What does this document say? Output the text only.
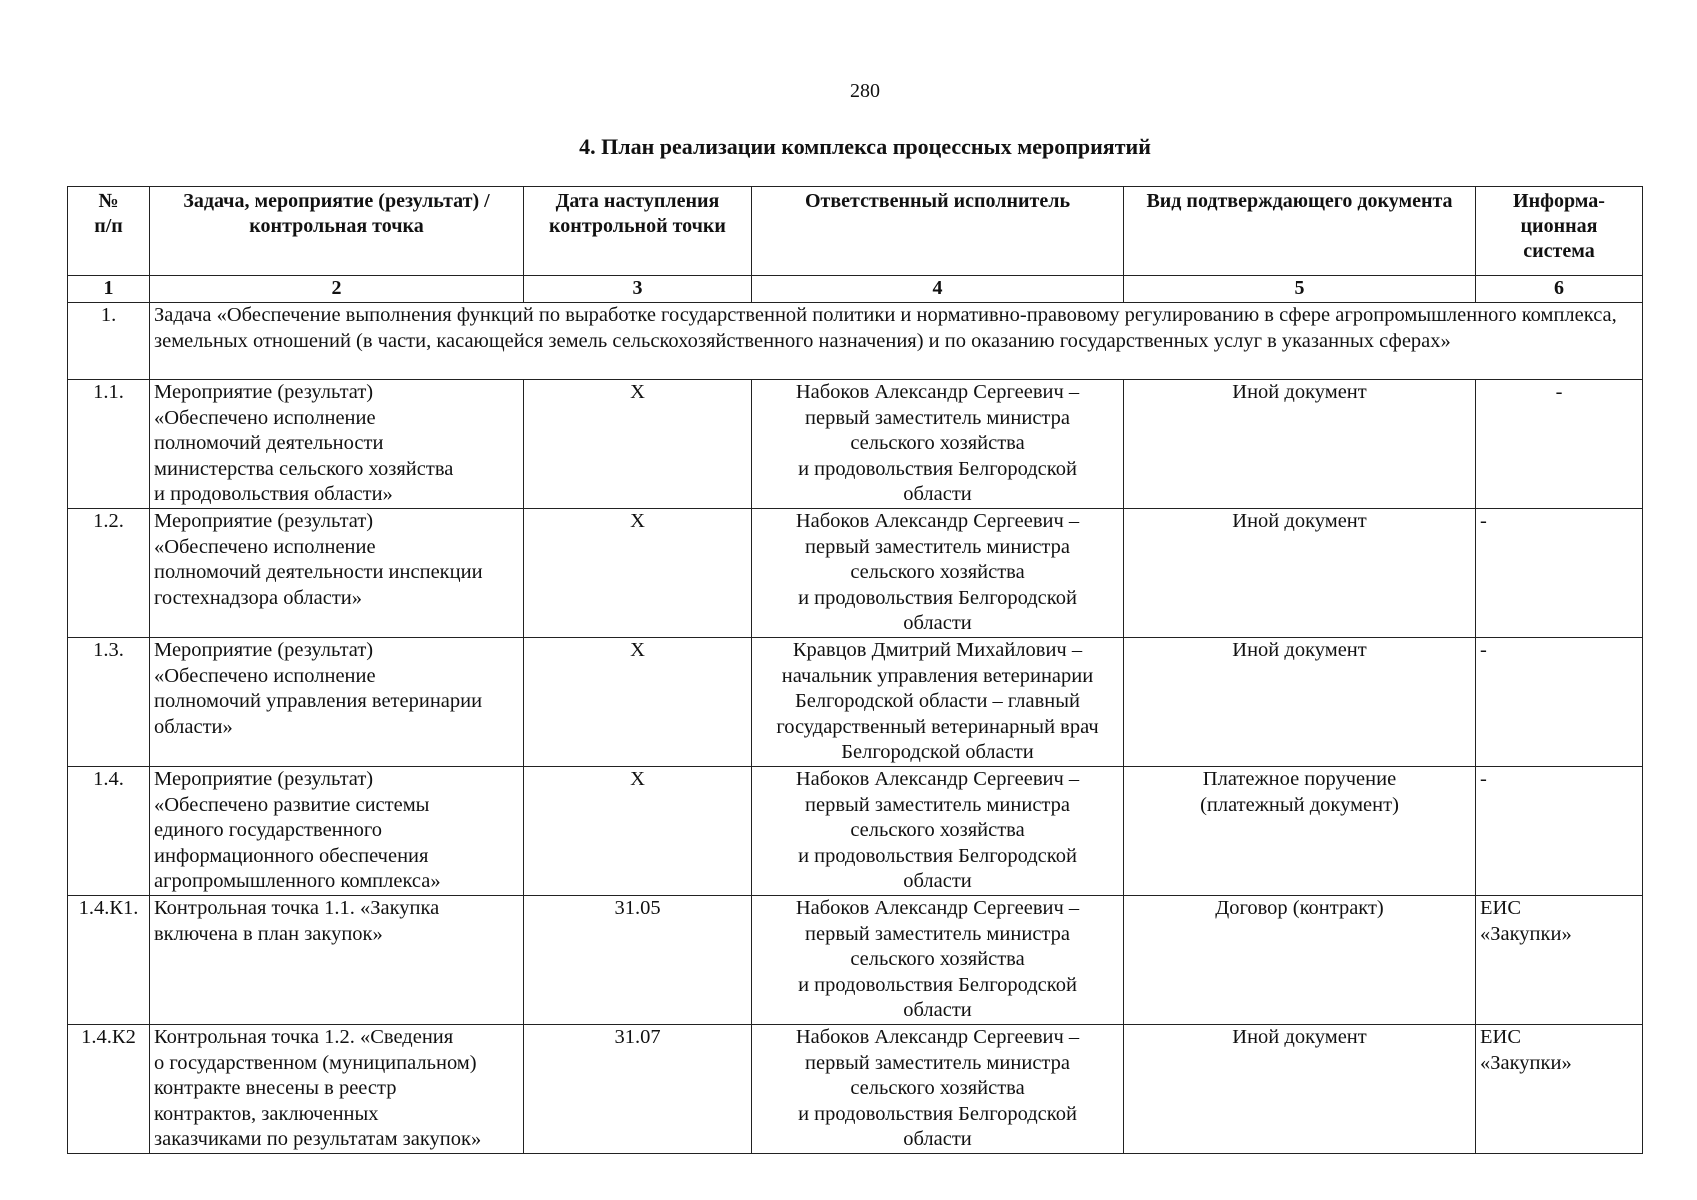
280
4. План реализации комплекса процессных мероприятий
№
п/п	Задача, мероприятие (результат) /
контрольная точка	Дата наступления
контрольной точки	Ответственный исполнитель	Вид подтверждающего документа	Информа-
ционная
система

1	2	3	4	5	6
1.	Задача «Обеспечение выполнения функций по выработке государственной политики и нормативно-правовому регулированию в сфере агропромышленного комплекса, земельных отношений (в части, касающейся земель сельскохозяйственного назначения) и по оказанию государственных услуг в указанных сферах»				
1.1.	Мероприятие (результат)
«Обеспечено исполнение
полномочий деятельности
министерства сельского хозяйства
и продовольствия области»	X	Набоков Александр Сергеевич –
первый заместитель министра
сельского хозяйства
и продовольствия Белгородской
области	Иной документ	-

1.2.	Мероприятие (результат)
«Обеспечено исполнение
полномочий деятельности инспекции
гостехнадзора области»	X	Набоков Александр Сергеевич –
первый заместитель министра
сельского хозяйства
и продовольствия Белгородской
области	Иной документ	-

1.3.	Мероприятие (результат)
«Обеспечено исполнение
полномочий управления ветеринарии
области»	X	Кравцов Дмитрий Михайлович –
начальник управления ветеринарии
Белгородской области – главный
государственный ветеринарный врач
Белгородской области	Иной документ	-

1.4.	Мероприятие (результат)
«Обеспечено развитие системы
единого государственного
информационного обеспечения
агропромышленного комплекса»	X	Набоков Александр Сергеевич –
первый заместитель министра
сельского хозяйства
и продовольствия Белгородской
области	Платежное поручение
(платежный документ)	-

1.4.К1.	Контрольная точка 1.1. «Закупка
включена в план закупок»	31.05	Набоков Александр Сергеевич –
первый заместитель министра
сельского хозяйства
и продовольствия Белгородской
области	Договор (контракт)	ЕИС
«Закупки»

1.4.К2	Контрольная точка 1.2. «Сведения
о государственном (муниципальном)
контракте внесены в реестр
контрактов, заключенных
заказчиками по результатам закупок»	31.07	Набоков Александр Сергеевич –
первый заместитель министра
сельского хозяйства
и продовольствия Белгородской
области	Иной документ	ЕИС
«Закупки»
